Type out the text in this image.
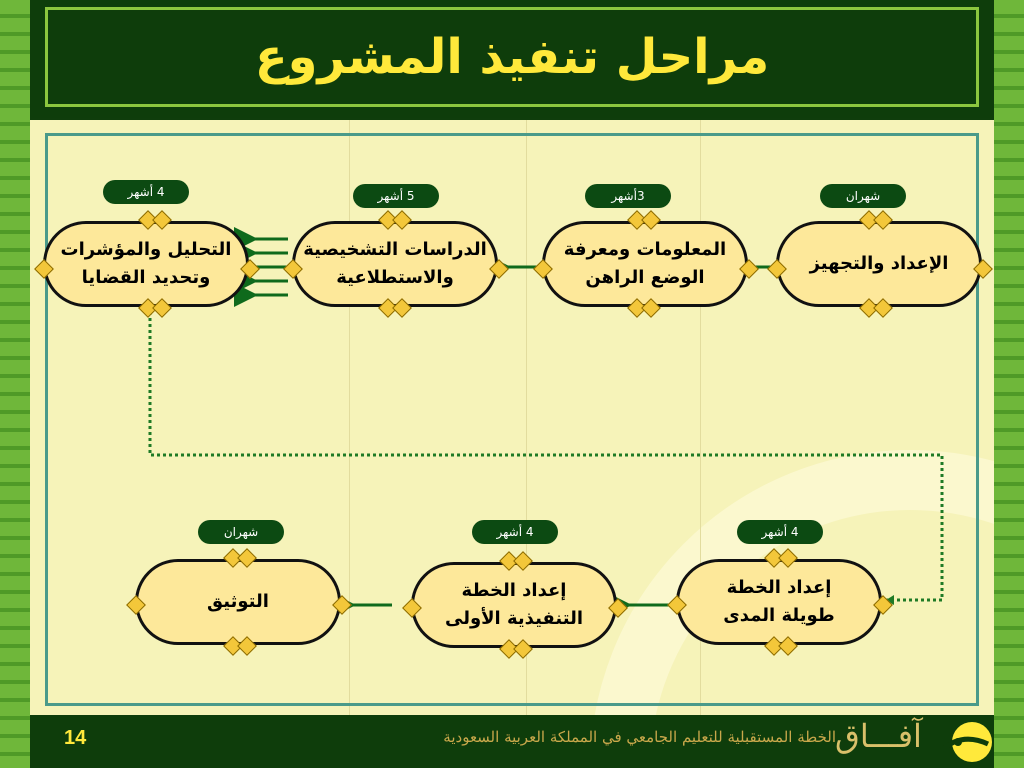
مراحل تنفيذ المشروع
شهران
الإعداد والتجهيز
3أشهر
المعلومات ومعرفة
الوضع الراهن
5 أشهر
الدراسات التشخيصية
والاستطلاعية
4 أشهر
التحليل والمؤشرات
وتحديد القضايا
4 أشهر
إعداد الخطة
طويلة المدى
4 أشهر
إعداد الخطة
التنفيذية الأولى
شهران
التوثيق
14	الخطة المستقبلية للتعليم الجامعي في المملكة العربية السعودية آفـــاق
